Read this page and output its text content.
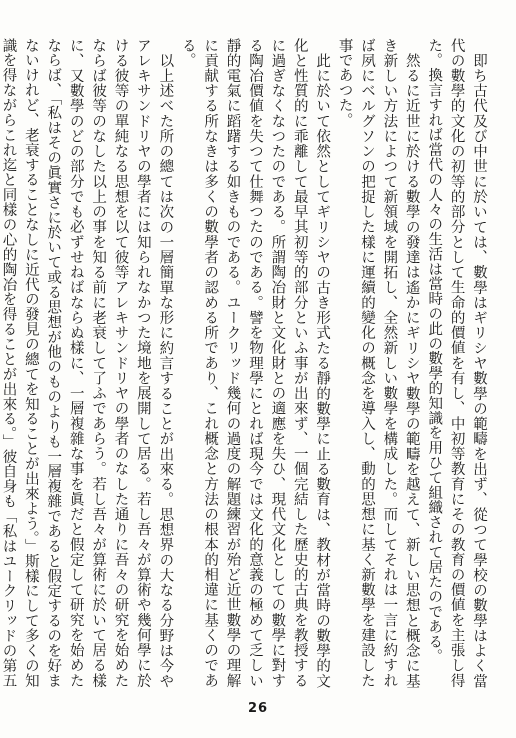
即ち古代及び中世に於いては、數學はギリシヤ數學の範疇を出ず、從つて學校の數學はよく當代の數學的文化の初等的部分として生命的價値を有し、中初等教育にその教育の價値を主張し得た。換言すれば當代の人々の生活は當時の此の數學的知識を用ひて組織されて居たのである。

然るに近世に於ける數學の發達は遙かにギリシヤ數學の範疇を越えて、新しい思想と概念に基き新しい方法によつて新領域を開拓し、全然新しい數學を構成した。而してそれは一言に約すれば夙にベルグソンの把捉した樣に運續的變化の概念を導入し、動的思想に基く新數學を建設した事であつた。

此に於いて依然としてギリシヤの古き形式たる靜的數學に止る數育は、教材が當時の數學的文化と性質的に乖離して最早其初等的部分といふ事が出來ず、一個完結した歷史的古典を教授するに過ぎなくなつたのである。所謂陶冶財と文化財との適應を失ひ、現代文化としての數學に對する陶冶價値を失つて仕舞つたのである。譬を物理學にとれば現今では文化的意義の極めて乏しい靜的電氣に蹈躇する如きものである。ユークリッド幾何の過度の解題練習が殆ど近世數學の理解に貢献する所なきは多くの數學者の認める所であり、これ概念と方法の根本的相違に基くのである。

以上述べた所の總ては次の一層簡單な形に約言することが出來る。思想界の大なる分野は今やアレキサンドリヤの學者には知られなかつた境地を展開して居る。若し吾々が算術や幾何學に於ける彼等の單純なる思想を以て彼等アレキサンドリヤの學者のなした通りに吾々の研究を始めたならば彼等のなした以上の事を知る前に老衰して了ふであらう。若し吾々が算術に於いて居る樣に、又數學のどの部分でも必ずせねばならぬ樣に、一層複雜な事を眞だと假定して研究を始めたならば、「私はその眞實さに於いて或る思想が他のものよりも一層複雜であると假定するのを好まないけれど、老衰することなしに近代の發見の總てを知ることが出來よう。」斯樣にして多くの知識を得ながらこれ迄と同樣の心的陶冶を得ることが出來る。」彼自身も「私はユークリッドの第五

26
